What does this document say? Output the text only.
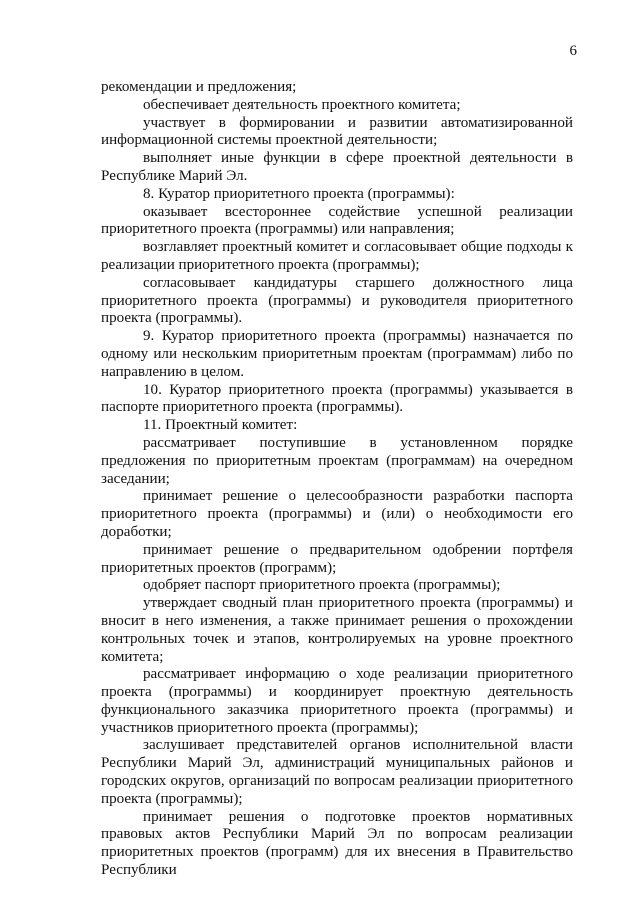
6

рекомендации и предложения;

обеспечивает деятельность проектного комитета;

участвует в формировании и развитии автоматизированной информационной системы проектной деятельности;

выполняет иные функции в сфере проектной деятельности в Республике Марий Эл.

8. Куратор приоритетного проекта (программы):

оказывает всестороннее содействие успешной реализации приоритетного проекта (программы) или направления;

возглавляет проектный комитет и согласовывает общие подходы к реализации приоритетного проекта (программы);

согласовывает кандидатуры старшего должностного лица приоритетного проекта (программы) и руководителя приоритетного проекта (программы).

9. Куратор приоритетного проекта (программы) назначается по одному или нескольким приоритетным проектам (программам) либо по направлению в целом.

10. Куратор приоритетного проекта (программы) указывается в паспорте приоритетного проекта (программы).

11. Проектный комитет:

рассматривает поступившие в установленном порядке предложения по приоритетным проектам (программам) на очередном заседании;

принимает решение о целесообразности разработки паспорта приоритетного проекта (программы) и (или) о необходимости его доработки;

принимает решение о предварительном одобрении портфеля приоритетных проектов (программ);

одобряет паспорт приоритетного проекта (программы);

утверждает сводный план приоритетного проекта (программы) и вносит в него изменения, а также принимает решения о прохождении контрольных точек и этапов, контролируемых на уровне проектного комитета;

рассматривает информацию о ходе реализации приоритетного проекта (программы) и координирует проектную деятельность функционального заказчика приоритетного проекта (программы) и участников приоритетного проекта (программы);

заслушивает представителей органов исполнительной власти Республики Марий Эл, администраций муниципальных районов и городских округов, организаций по вопросам реализации приоритетного проекта (программы);

принимает решения о подготовке проектов нормативных правовых актов Республики Марий Эл по вопросам реализации приоритетных проектов (программ) для их внесения в Правительство Республики
